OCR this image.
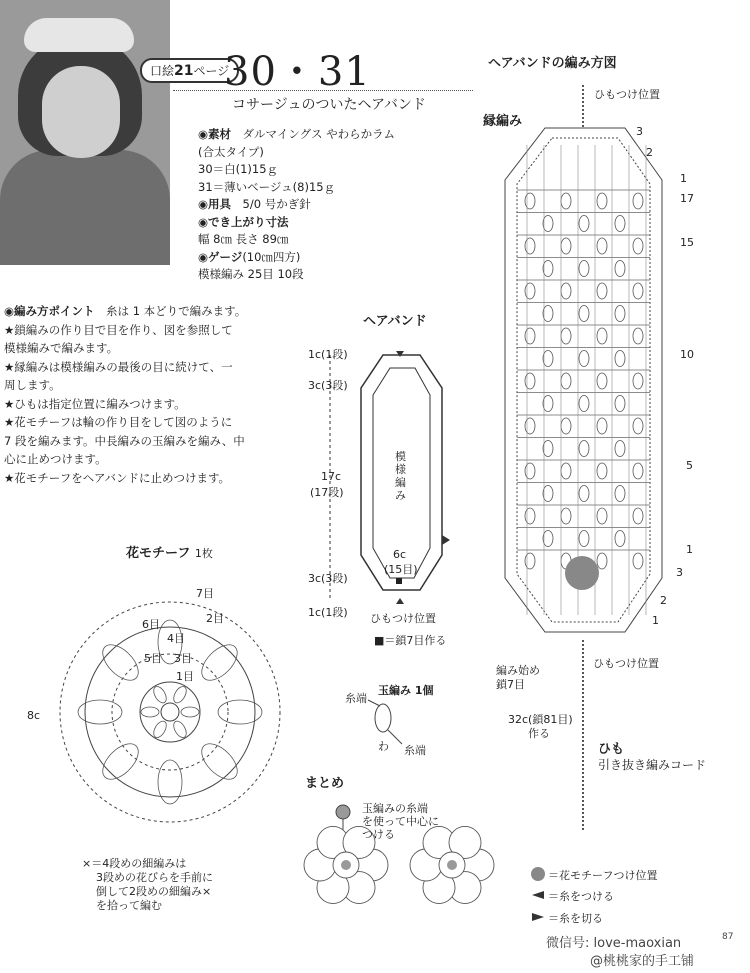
口絵21ページ
30・31
コサージュのついたヘアバンド
◉素材　 ダルマイングス やわらかラム
(合太タイプ)
30＝白(1)15ｇ
31＝薄いベージュ(8)15ｇ
◉用具　 5/0 号かぎ針
◉でき上がり寸法
幅 8㎝ 長さ 89㎝
◉ゲージ(10㎝四方)
模様編み 25目 10段
◉編み方ポイント　 糸は 1 本どりで編みます。
★鎖編みの作り目で目を作り、図を参照して
模様編みで編みます。
★縁編みは模様編みの最後の目に続けて、一
周します。
★ひもは指定位置に編みつけます。
★花モチーフは輪の作り目をして図のように
7 段を編みます。中長編みの玉編みを編み、中
心に止めつけます。
★花モチーフをヘアバンドに止めつけます。
ヘアバンド
1c(1段)
3c(3段)
17c
(17段)
3c(3段)
1c(1段)
模様編み
6c
(15目)
ひもつけ位置
■＝鎖7目作る
ヘアバンドの編み方図
ひもつけ位置
縁編み
3
2
1
17
15
10
5
1
3
2
1
ひもつけ位置
編み始め
鎖7目
32c(鎖81目)
作る
ひも
引き抜き編みコード
玉編み 1個
糸端
わ 糸端
まとめ
玉編みの糸端
を使って中心に
つける
花モチーフ 1枚
8c
7目
6目
5目
4目
3目
2目
1目
×＝4段めの細編みは
3段めの花びらを手前に
倒して2段めの細編み×
を拾って編む
＝花モチーフつけ位置
＝糸をつける
＝糸を切る
微信号: love-maoxian
@桃桃家的手工铺
87
